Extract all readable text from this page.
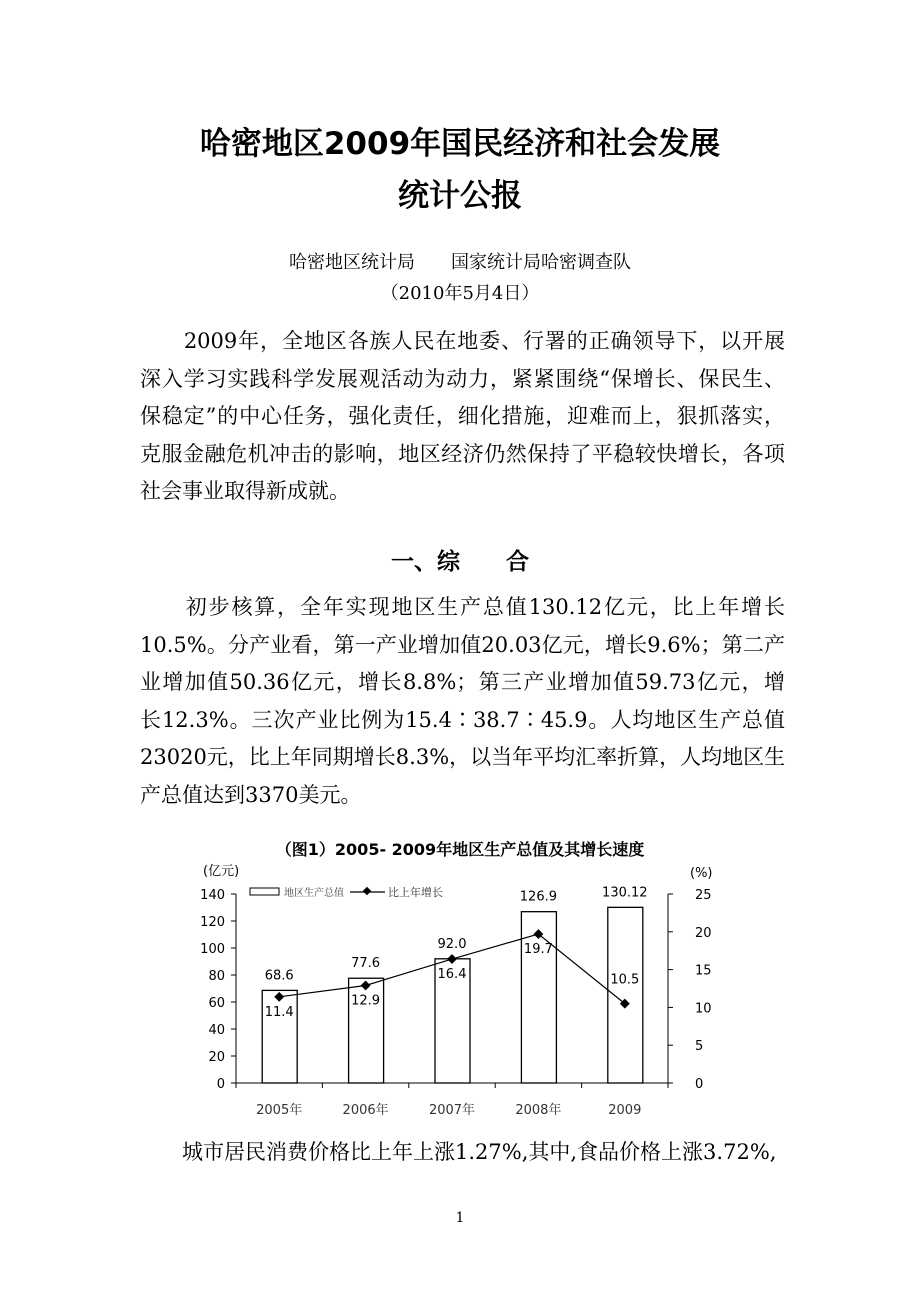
哈密地区2009年国民经济和社会发展
统计公报
哈密地区统计局　　国家统计局哈密调查队
（2010年5月4日）
　　2009年，全地区各族人民在地委、行署的正确领导下，以开展
深入学习实践科学发展观活动为动力，紧紧围绕“保增长、保民生、
保稳定”的中心任务，强化责任，细化措施，迎难而上，狠抓落实，
克服金融危机冲击的影响，地区经济仍然保持了平稳较快增长，各项
社会事业取得新成就。
一、综　　合
　　初步核算，全年实现地区生产总值130.12亿元，比上年增长
10.5%。分产业看，第一产业增加值20.03亿元，增长9.6%；第二产
业增加值50.36亿元，增长8.8%；第三产业增加值59.73亿元，增
长12.3%。三次产业比例为15.4∶38.7∶45.9。人均地区生产总值
23020元，比上年同期增长8.3%，以当年平均汇率折算，人均地区生
产总值达到3370美元。
（图1）2005- 2009年地区生产总值及其增长速度
(亿元)	(%)
地区生产总值	比上年增长
0
20
40
60
80
100
120
140
0
5
10
15
20
25
68.6
2005年
77.6
2006年
92.0
2007年
126.9
2008年
130.12
2009
11.4
12.9
16.4
19.7
10.5
　　城市居民消费价格比上年上涨1.27%,其中,食品价格上涨3.72%,
1
